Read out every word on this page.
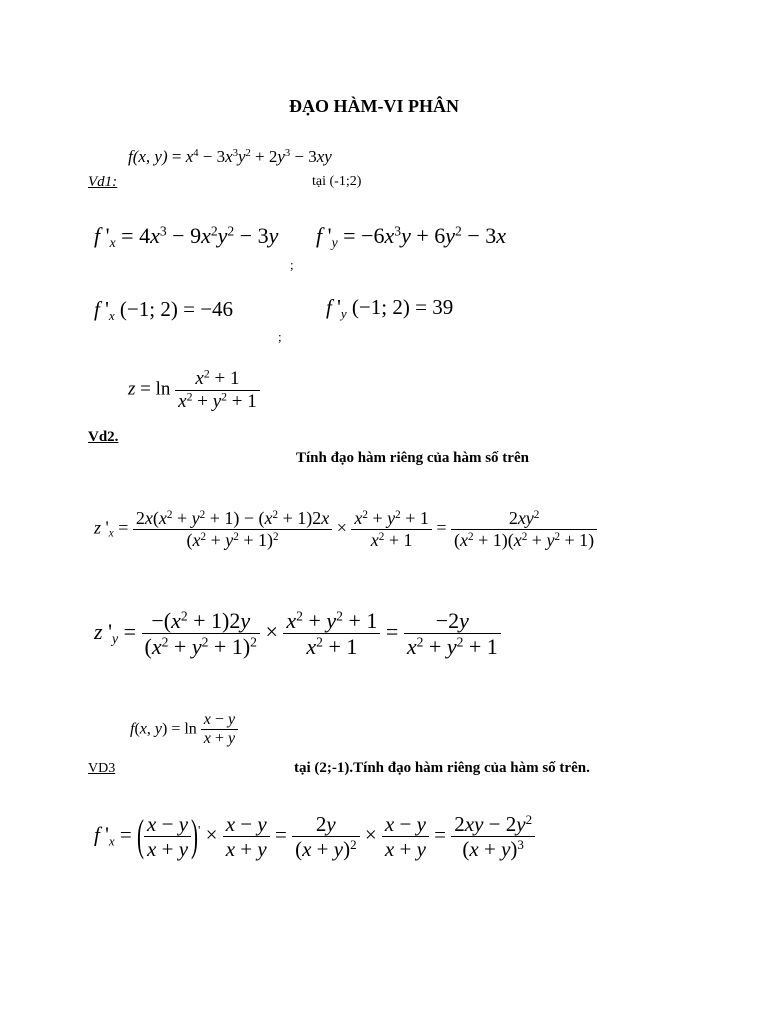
ĐẠO HÀM-VI PHÂN
f(x, $y) = x^4 - 3x^3y^2 + 2y^3 - 3xy$
Vd1:	tại (-1;2)
f '$_x = 4x^3 - 9x^2y^2 - 3y$ f '$_y = -6x^3y + 6y^2 - 3x$
;
f '$_x$ (−1; 2) = −46	f '$_y$ (−1; 2) = 39
;
$z = \ln \frac{x^2 + 1}{x^2 + y^2 + 1}$
Vd2.
Tính đạo hàm riêng của hàm số trên
z '$_x = \frac{2x(x^2 + y^2 + 1) - (x^2 + 1)2x}{(x^2 + y^2 + 1)^2} \times \frac{x^2 + y^2 + 1}{x^2 + 1} = \frac{2xy^2}{(x^2 + 1)(x^2 + y^2 + 1)}$
z '$_y = \frac{-(x^2 + 1)2y}{(x^2 + y^2 + 1)^2} \times \frac{x^2 + y^2 + 1}{x^2 + 1} = \frac{-2y}{x^2 + y^2 + 1}$
f(x, $y) = \ln \frac{x - y}{x + y}$
VD3	tại (2;-1).Tính đạo hàm riêng của hàm số trên.
f '$_x$ = ( $\frac{x - y}{x + y} )' \times \frac{x - y}{x + y} = \frac{2y}{(x + y)^2} \times \frac{x - y}{x + y} = \frac{2xy - 2y^2}{(x + y)^3}$
